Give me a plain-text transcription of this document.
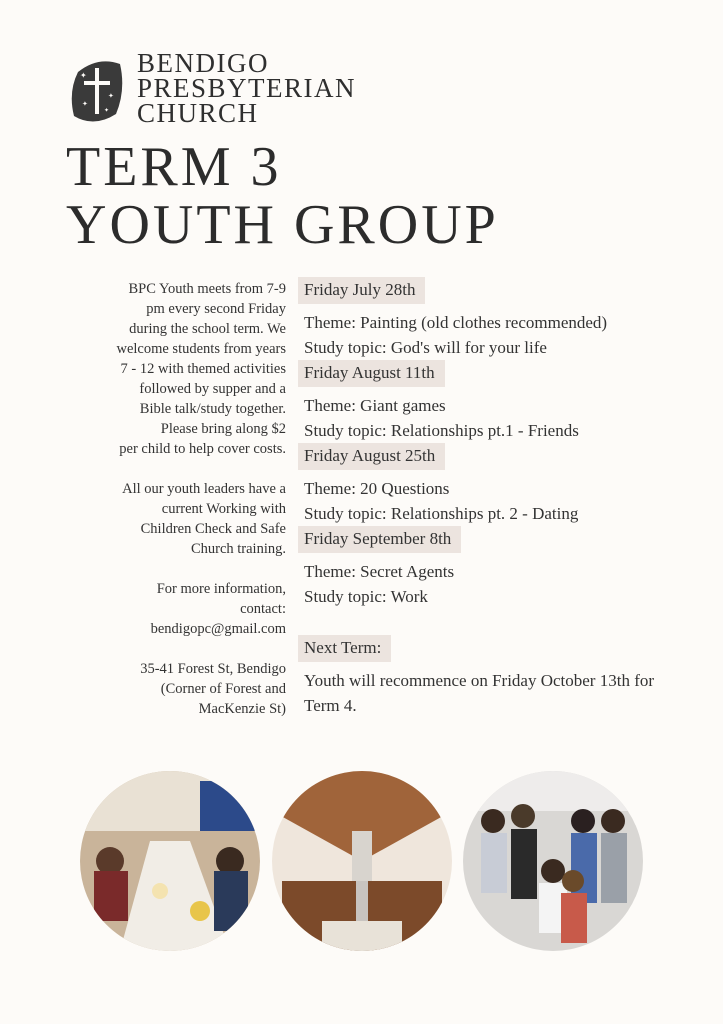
✦
✦
✦
✦
BENDIGO
PRESBYTERIAN
CHURCH
TERM 3
YOUTH GROUP

BPC Youth meets from 7-9

pm every second Friday

during the school term. We

welcome students from years

7 - 12 with themed activities

followed by supper and a

Bible talk/study together.

Please bring along $2

per child to help cover costs.

All our youth leaders have a

current Working with

Children Check and Safe

Church training.

For more information,

contact:

bendigopc@gmail.com

35-41 Forest St, Bendigo

(Corner of Forest and

MacKenzie St)

Friday July 28th
Theme: Painting (old clothes recommended)
Study topic: God's will for your life
Friday August 11th
Theme: Giant games
Study topic: Relationships pt.1 - Friends
Friday August 25th
Theme: 20 Questions
Study topic: Relationships pt. 2 - Dating
Friday September 8th
Theme: Secret Agents
Study topic: Work
Next Term:
Youth will recommence on Friday October 13th for Term 4.
